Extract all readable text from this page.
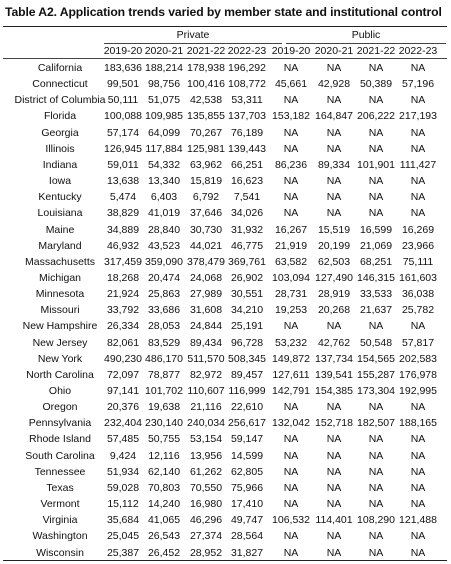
Table A2. Application trends varied by member state and institutional control
Private	Public
2019-20 2020-21 2021-22 2022-23 2019-20 2020-21 2021-22 2022-23
California	183,636 188,214 178,938 196,292	NA	NA	NA	NA
Connecticut	99,501 98,756 100,416 108,772 45,661	42,928 50,389 57,196
District of Columbia 50,111 51,075 42,538 53,311	NA	NA	NA	NA
Florida	100,088 109,985 135,855 137,703 153,182 164,847 206,222 217,193
Georgia	57,174 64,099 70,267 76,189	NA	NA	NA	NA
Illinois	126,945 117,884 125,981 139,443	NA	NA	NA	NA
Indiana	59,011 54,332 63,962 66,251	86,236	89,334 101,901 111,427
Iowa	13,638 13,340 15,819 16,623	NA	NA	NA	NA
Kentucky	5,474	6,403	6,792	7,541	NA	NA	NA	NA
Louisiana	38,829 41,019 37,646 34,026	NA	NA	NA	NA
Maine	34,889 28,840 30,730 31,932	16,267	15,519 16,599 16,269
Maryland	46,932 43,523 44,021 46,775	21,919	20,199 21,069 23,966
Massachusetts 317,459 359,090 378,479 369,761 63,582	62,503 68,251	75,111
Michigan	18,268 20,474 24,068 26,902 103,094 127,490 146,315 161,603
Minnesota	21,924 25,863 27,989 30,551	28,731	28,919 33,533 36,038
Missouri	33,792 33,686 31,608 34,210	19,253	20,268 21,637 25,782
New Hampshire 26,334 28,053 24,844 25,191	NA	NA	NA	NA
New Jersey	82,061 83,529 89,434 96,728	53,232	42,762 50,548 57,817
New York	490,230 486,170 511,570 508,345 149,872 137,734 154,565 202,583
North Carolina	72,097 78,877 82,972 89,457 127,611 139,541 155,287 176,978
Ohio	97,141 101,702 110,607 116,999 142,791 154,385 173,304 192,995
Oregon	20,376 19,638 21,116 22,610	NA	NA	NA	NA
Pennsylvania	232,404 230,140 240,034 256,617 132,042 152,718 182,507 188,165
Rhode Island	57,485 50,755 53,154 59,147	NA	NA	NA	NA
South Carolina	9,424	12,116 13,956 14,599	NA	NA	NA	NA
Tennessee	51,934 62,140 61,262 62,805	NA	NA	NA	NA
Texas	59,028 70,803 70,550 75,966	NA	NA	NA	NA
Vermont	15,112 14,240 16,980 17,410	NA	NA	NA	NA
Virginia	35,684 41,065 46,296 49,747 106,532 114,401 108,290 121,488
Washington	25,045 26,543 27,374 28,564	NA	NA	NA	NA
Wisconsin	25,387 26,452 28,952 31,827	NA	NA	NA	NA
